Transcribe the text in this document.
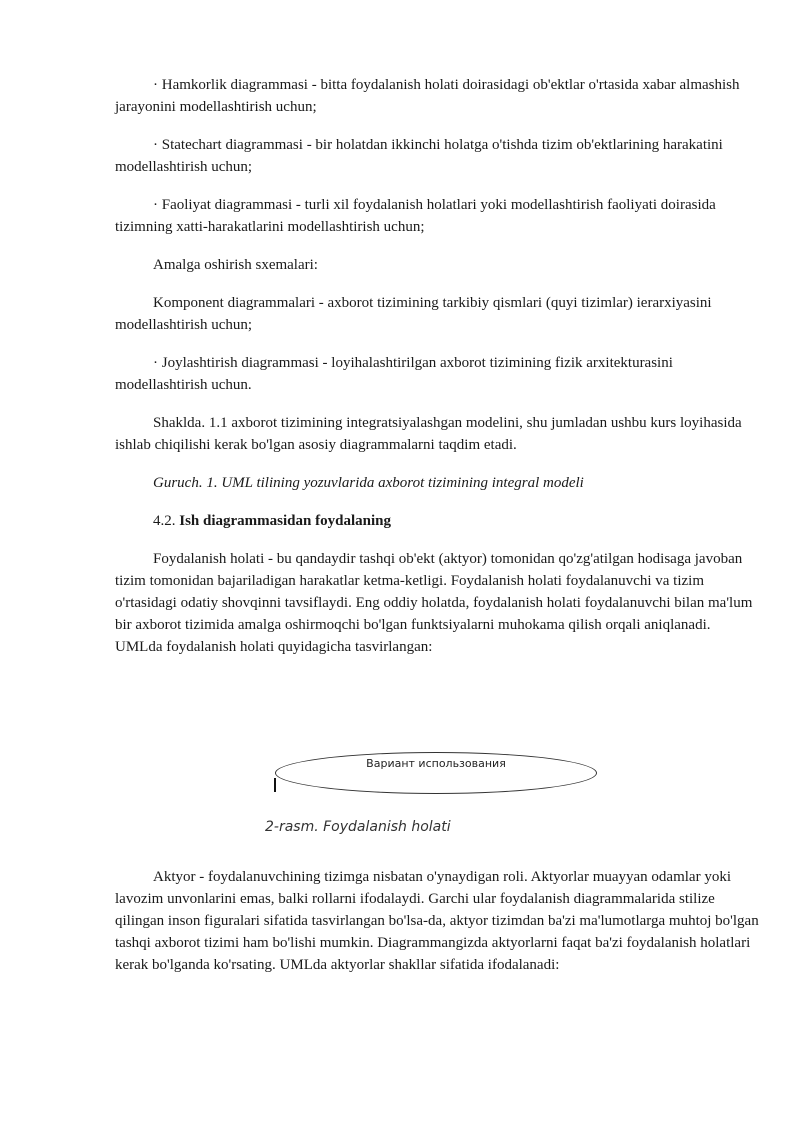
· Hamkorlik diagrammasi - bitta foydalanish holati doirasidagi ob'ektlar o'rtasida xabar almashish jarayonini modellashtirish uchun;

· Statechart diagrammasi - bir holatdan ikkinchi holatga o'tishda tizim ob'ektlarining harakatini modellashtirish uchun;

· Faoliyat diagrammasi - turli xil foydalanish holatlari yoki modellashtirish faoliyati doirasida tizimning xatti-harakatlarini modellashtirish uchun;

Amalga oshirish sxemalari:

Komponent diagrammalari - axborot tizimining tarkibiy qismlari (quyi tizimlar) ierarxiyasini modellashtirish uchun;

· Joylashtirish diagrammasi - loyihalashtirilgan axborot tizimining fizik arxitekturasini modellashtirish uchun.

Shaklda. 1.1 axborot tizimining integratsiyalashgan modelini, shu jumladan ushbu kurs loyihasida ishlab chiqilishi kerak bo'lgan asosiy diagrammalarni taqdim etadi.

Guruch. 1. UML tilining yozuvlarida axborot tizimining integral modeli

4.2. Ish diagrammasidan foydalaning

Foydalanish holati - bu qandaydir tashqi ob'ekt (aktyor) tomonidan qo'zg'atilgan hodisaga javoban tizim tomonidan bajariladigan harakatlar ketma-ketligi. Foydalanish holati foydalanuvchi va tizim o'rtasidagi odatiy shovqinni tavsiflaydi. Eng oddiy holatda, foydalanish holati foydalanuvchi bilan ma'lum bir axborot tizimida amalga oshirmoqchi bo'lgan funktsiyalarni muhokama qilish orqali aniqlanadi. UMLda foydalanish holati quyidagicha tasvirlangan:

Вариант использования
2-rasm. Foydalanish holati

Aktyor - foydalanuvchining tizimga nisbatan o'ynaydigan roli. Aktyorlar muayyan odamlar yoki lavozim unvonlarini emas, balki rollarni ifodalaydi. Garchi ular foydalanish diagrammalarida stilize qilingan inson figuralari sifatida tasvirlangan bo'lsa-da, aktyor tizimdan ba'zi ma'lumotlarga muhtoj bo'lgan tashqi axborot tizimi ham bo'lishi mumkin. Diagrammangizda aktyorlarni faqat ba'zi foydalanish holatlari kerak bo'lganda ko'rsating. UMLda aktyorlar shakllar sifatida ifodalanadi:
